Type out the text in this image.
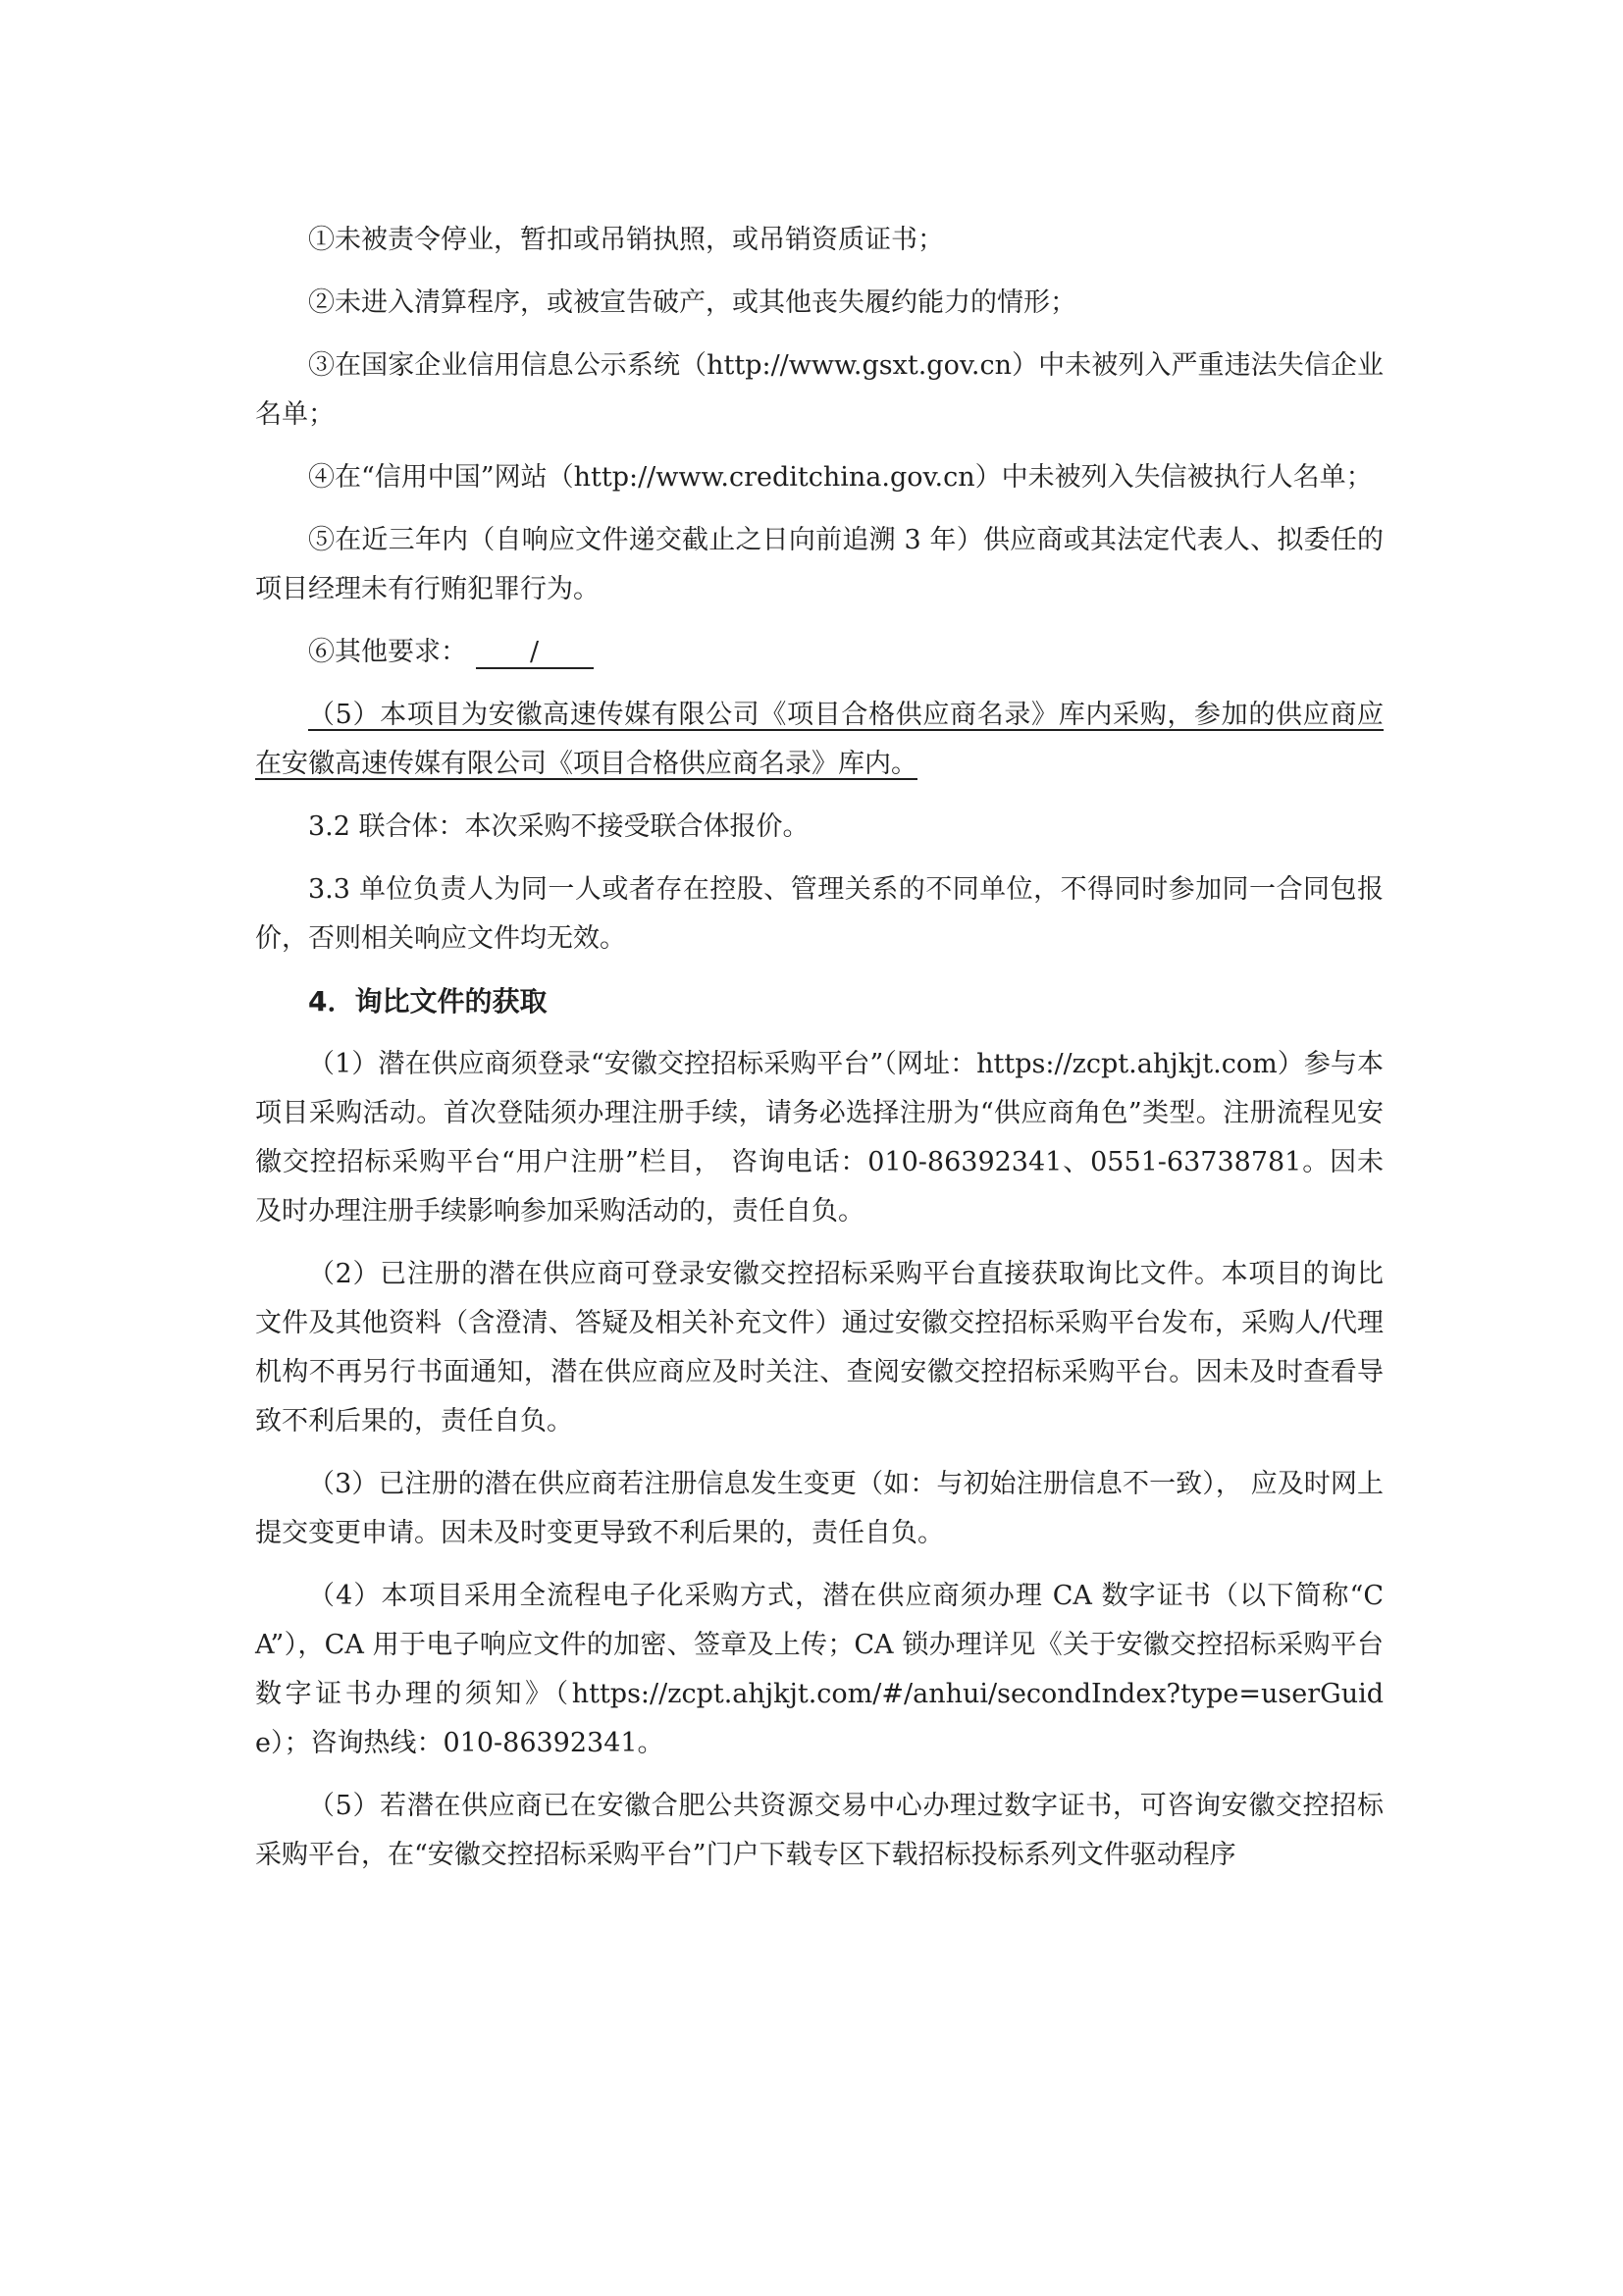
①未被责令停业，暂扣或吊销执照，或吊销资质证书；

②未进入清算程序，或被宣告破产，或其他丧失履约能力的情形；

③在国家企业信用信息公示系统（http://www.gsxt.gov.cn）中未被列入严重违法失信企业名单；

④在“信用中国”网站（http://www.creditchina.gov.cn）中未被列入失信被执行人名单；

⑤在近三年内（自响应文件递交截止之日向前追溯 3 年）供应商或其法定代表人、拟委任的项目经理未有行贿犯罪行为。

⑥其他要求： /

（5）本项目为安徽高速传媒有限公司《项目合格供应商名录》库内采购，参加的供应商应在安徽高速传媒有限公司《项目合格供应商名录》库内。

3.2 联合体：本次采购不接受联合体报价。

3.3 单位负责人为同一人或者存在控股、管理关系的不同单位，不得同时参加同一合同包报价，否则相关响应文件均无效。

4．询比文件的获取

（1）潜在供应商须登录“安徽交控招标采购平台”（网址：https://zcpt.ahjkjt.com）参与本项目采购活动。首次登陆须办理注册手续，请务必选择注册为“供应商角色”类型。注册流程见安徽交控招标采购平台“用户注册”栏目， 咨询电话：010-86392341、0551-63738781。因未及时办理注册手续影响参加采购活动的，责任自负。

（2）已注册的潜在供应商可登录安徽交控招标采购平台直接获取询比文件。本项目的询比文件及其他资料（含澄清、答疑及相关补充文件）通过安徽交控招标采购平台发布，采购人/代理机构不再另行书面通知，潜在供应商应及时关注、查阅安徽交控招标采购平台。因未及时查看导致不利后果的，责任自负。

（3）已注册的潜在供应商若注册信息发生变更（如：与初始注册信息不一致）， 应及时网上提交变更申请。因未及时变更导致不利后果的，责任自负。

（4）本项目采用全流程电子化采购方式，潜在供应商须办理 CA 数字证书（以下简称“CA”），CA 用于电子响应文件的加密、签章及上传；CA 锁办理详见《关于安徽交控招标采购平台数字证书办理的须知》（https://zcpt.ahjkjt.com/#/anhui/secondIndex?type=userGuide）；咨询热线：010-86392341。

（5）若潜在供应商已在安徽合肥公共资源交易中心办理过数字证书，可咨询安徽交控招标采购平台，在“安徽交控招标采购平台”门户下载专区下载招标投标系列文件驱动程序
